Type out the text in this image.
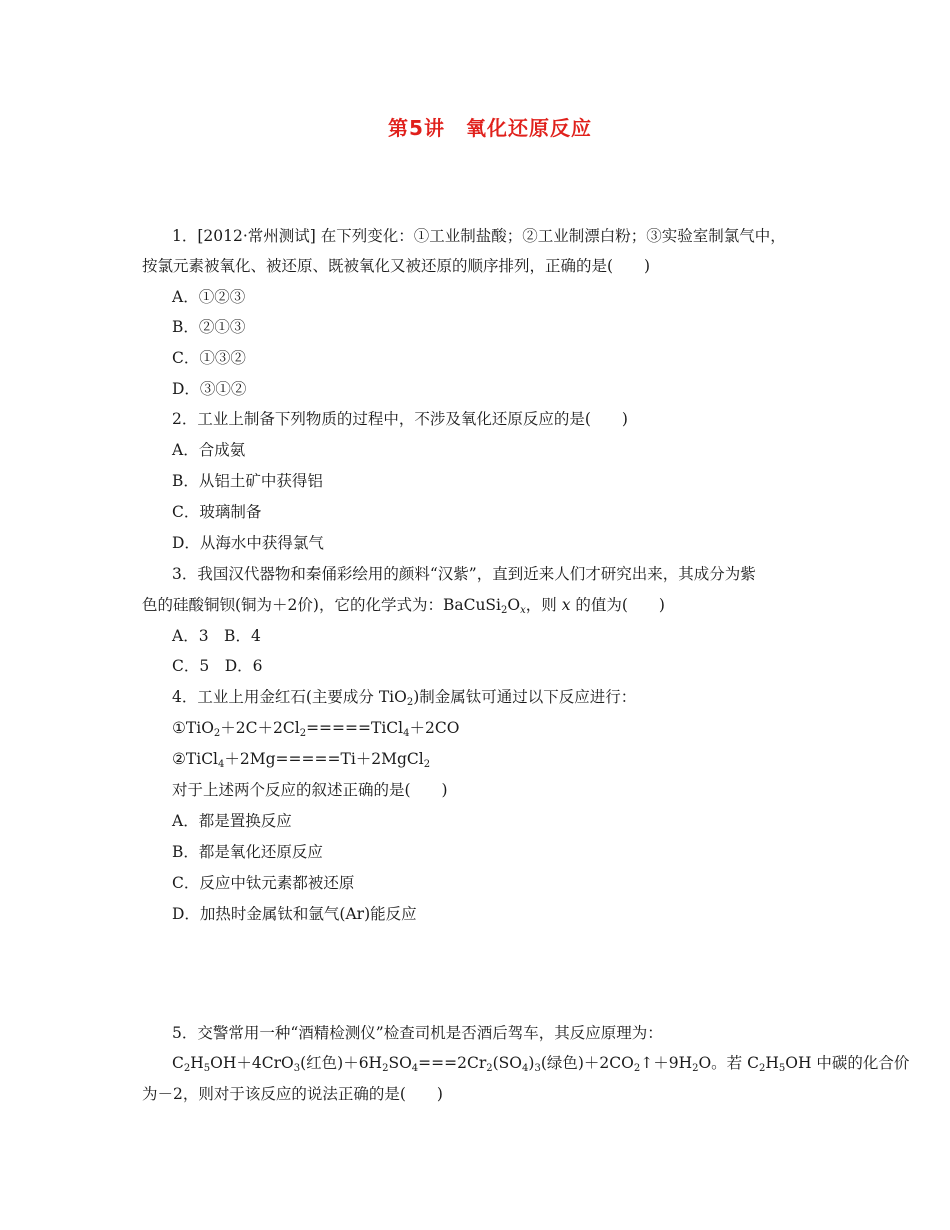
第5讲　氧化还原反应
1．[2012·常州测试] 在下列变化：①工业制盐酸；②工业制漂白粉；③实验室制氯气中，
按氯元素被氧化、被还原、既被氧化又被还原的顺序排列，正确的是(　　)
A．①②③
B．②①③
C．①③②
D．③①②
2．工业上制备下列物质的过程中，不涉及氧化还原反应的是(　　)
A．合成氨
B．从铝土矿中获得铝
C．玻璃制备
D．从海水中获得氯气
3．我国汉代器物和秦俑彩绘用的颜料“汉紫”，直到近来人们才研究出来，其成分为紫
色的硅酸铜钡(铜为＋2价)，它的化学式为：$BaCuSi_2O_x$，则 x 的值为(　　)
A．3　B．4
C．5　D．6
4．工业上用金红石(主要成分 TiO$_2$)制金属钛可通过以下反应进行：
$①TiO_2+2C+2Cl_2=====TiCl_4+2CO$
②TiCl$_4$＋2Mg=====Ti＋2MgCl$_2$
对于上述两个反应的叙述正确的是(　　)
A．都是置换反应
B．都是氧化还原反应
C．反应中钛元素都被还原
D．加热时金属钛和氩气(Ar)能反应
5．交警常用一种“酒精检测仪”检查司机是否酒后驾车，其反应原理为：
$C_2H_5OH+4CrO_3$(红色)$+6H_2SO_4===2Cr_2(SO_4)_3$(绿色)$+2CO_2↑+9H_2O$。若 $C_2H_5OH$ 中碳的化合价
为－2，则对于该反应的说法正确的是(　　)
